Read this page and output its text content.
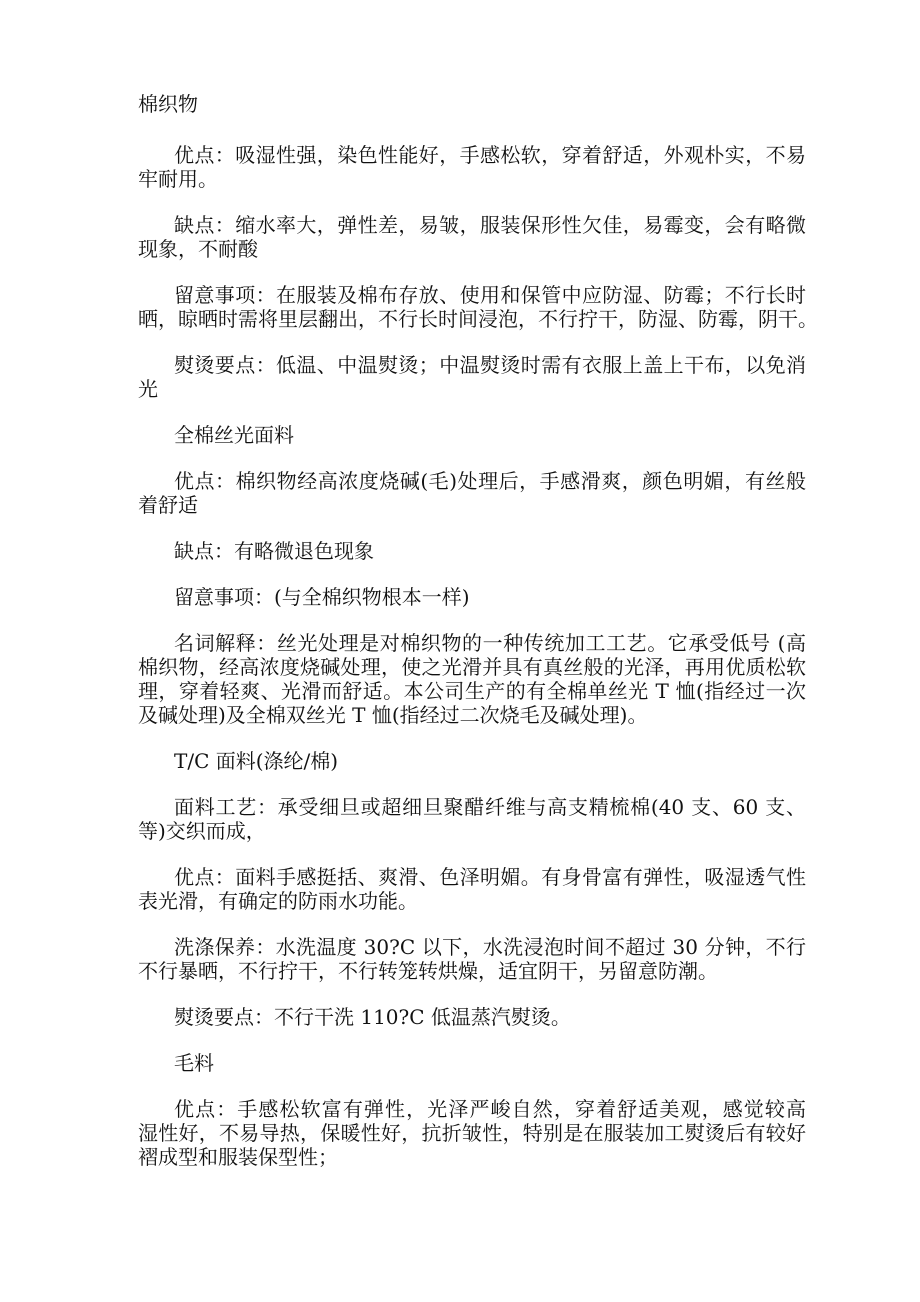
棉织物
优点：吸湿性强，染色性能好，手感松软，穿着舒适，外观朴实，不易
牢耐用。
缺点：缩水率大，弹性差，易皱，服装保形性欠佳，易霉变，会有略微
现象，不耐酸
留意事项：在服装及棉布存放、使用和保管中应防湿、防霉；不行长时
晒，晾晒时需将里层翻出，不行长时间浸泡，不行拧干，防湿、防霉，阴干。
熨烫要点：低温、中温熨烫；中温熨烫时需有衣服上盖上干布，以免消
光
全棉丝光面料
优点：棉织物经高浓度烧碱(毛)处理后，手感滑爽，颜色明媚，有丝般
着舒适
缺点：有略微退色现象
留意事项：(与全棉织物根本一样)
名词解释：丝光处理是对棉织物的一种传统加工工艺。它承受低号 (高
棉织物，经高浓度烧碱处理，使之光滑并具有真丝般的光泽，再用优质松软
理，穿着轻爽、光滑而舒适。本公司生产的有全棉单丝光 T 恤(指经过一次
及碱处理)及全棉双丝光 T 恤(指经过二次烧毛及碱处理)。
T/C 面料(涤纶/棉)
面料工艺：承受细旦或超细旦聚醋纤维与高支精梳棉(40 支、60 支、
等)交织而成，
优点：面料手感挺括、爽滑、色泽明媚。有身骨富有弹性，吸湿透气性
表光滑，有确定的防雨水功能。
洗涤保养：水洗温度 30?C 以下，水洗浸泡时间不超过 30 分钟，不行
不行暴晒，不行拧干，不行转笼转烘燥，适宜阴干，另留意防潮。
熨烫要点：不行干洗 110?C 低温蒸汽熨烫。
毛料
优点：手感松软富有弹性，光泽严峻自然，穿着舒适美观，感觉较高
湿性好，不易导热，保暖性好，抗折皱性，特别是在服装加工熨烫后有较好
褶成型和服装保型性；
